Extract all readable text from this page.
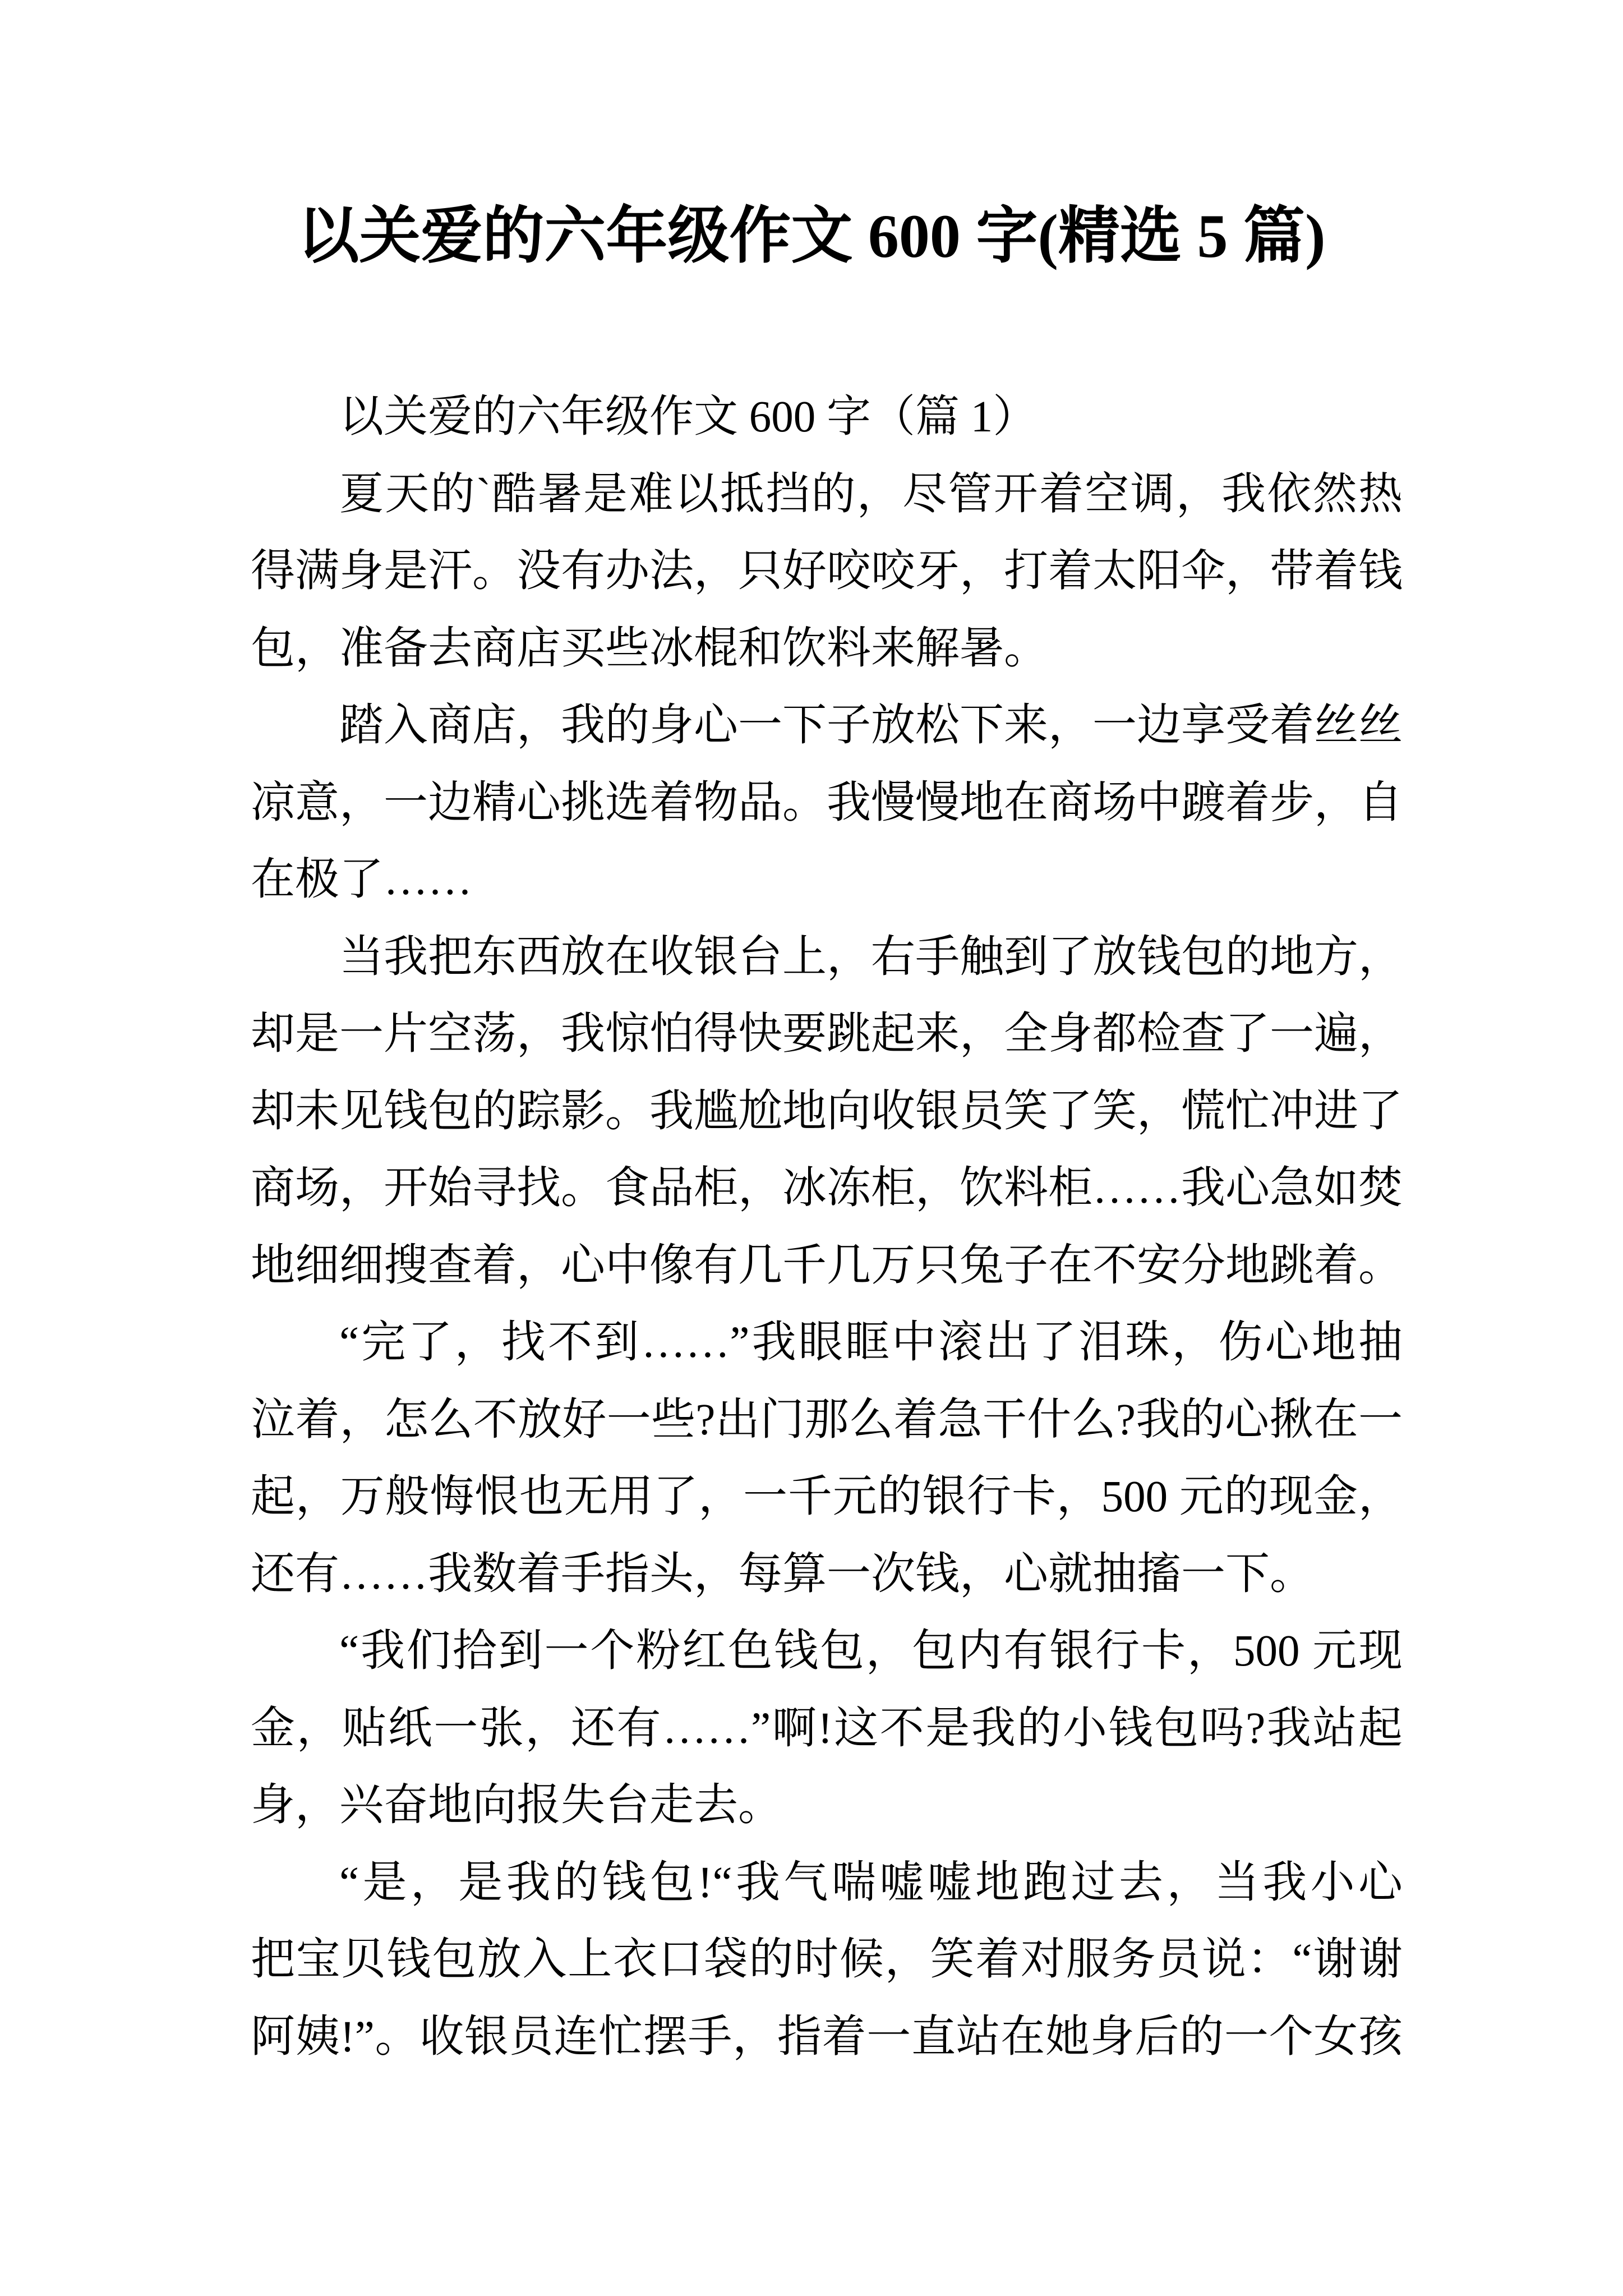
以关爱的六年级作文 600 字(精选 5 篇)
以关爱的六年级作文 600 字（篇 1）
夏天的`酷暑是难以抵挡的，尽管开着空调，我依然热
得满身是汗。没有办法，只好咬咬牙，打着太阳伞，带着钱
包，准备去商店买些冰棍和饮料来解暑。
踏入商店，我的身心一下子放松下来，一边享受着丝丝
凉意，一边精心挑选着物品。我慢慢地在商场中踱着步，自
在极了……
当我把东西放在收银台上，右手触到了放钱包的地方，
却是一片空荡，我惊怕得快要跳起来，全身都检查了一遍，
却未见钱包的踪影。我尴尬地向收银员笑了笑，慌忙冲进了
商场，开始寻找。食品柜，冰冻柜，饮料柜……我心急如焚
地细细搜查着，心中像有几千几万只兔子在不安分地跳着。
“完了，找不到……”我眼眶中滚出了泪珠，伤心地抽
泣着，怎么不放好一些?出门那么着急干什么?我的心揪在一
起，万般悔恨也无用了，一千元的银行卡，500 元的现金，
还有……我数着手指头，每算一次钱，心就抽搐一下。
“我们拾到一个粉红色钱包，包内有银行卡，500 元现
金，贴纸一张，还有……”啊!这不是我的小钱包吗?我站起
身，兴奋地向报失台走去。
“是，是我的钱包!“我气喘嘘嘘地跑过去，当我小心
把宝贝钱包放入上衣口袋的时候，笑着对服务员说：“谢谢
阿姨!”。收银员连忙摆手，指着一直站在她身后的一个女孩
